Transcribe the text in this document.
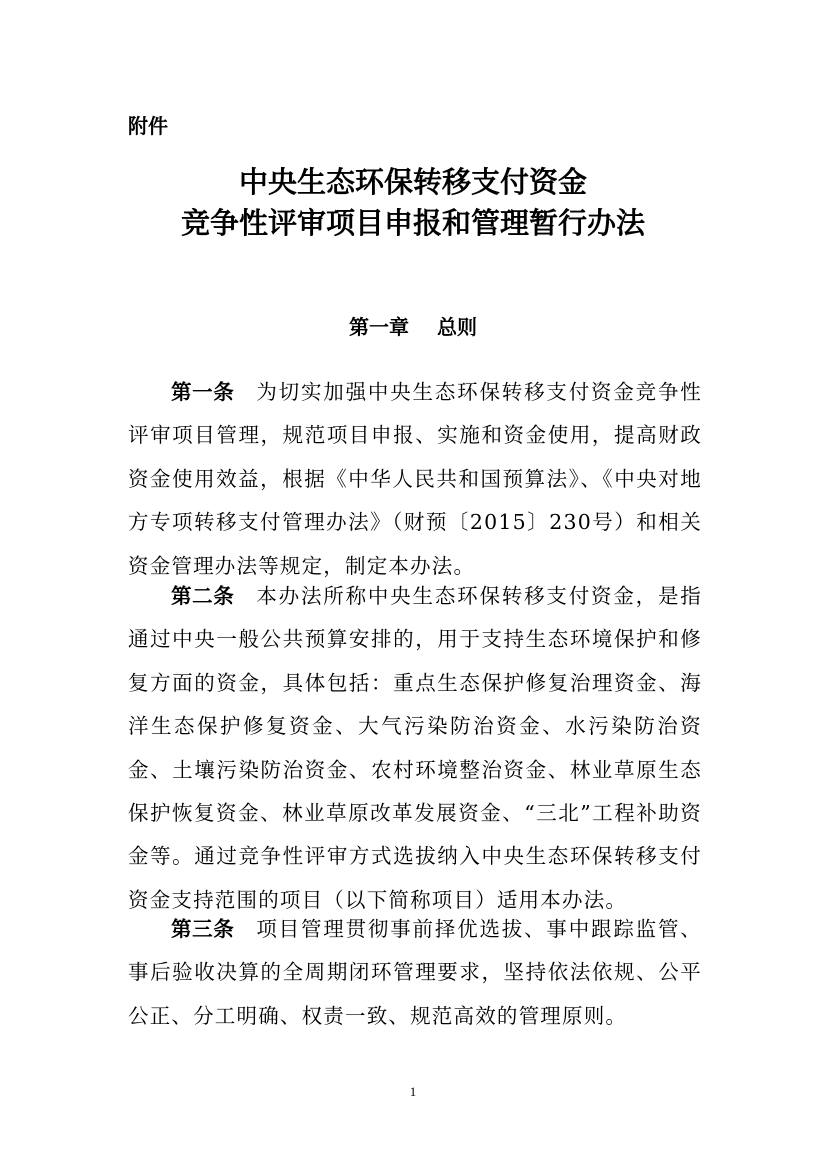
附件
中央生态环保转移支付资金
竞争性评审项目申报和管理暂行办法
第一章 总则
第一条 为切实加强中央生态环保转移支付资金竞争性评审项目管理，规范项目申报、实施和资金使用，提高财政资金使用效益，根据《中华人民共和国预算法》、《中央对地方专项转移支付管理办法》（财预〔2015〕230号）和相关资金管理办法等规定，制定本办法。
第二条 本办法所称中央生态环保转移支付资金，是指通过中央一般公共预算安排的，用于支持生态环境保护和修复方面的资金，具体包括：重点生态保护修复治理资金、海洋生态保护修复资金、大气污染防治资金、水污染防治资金、土壤污染防治资金、农村环境整治资金、林业草原生态保护恢复资金、林业草原改革发展资金、“三北”工程补助资金等。通过竞争性评审方式选拔纳入中央生态环保转移支付资金支持范围的项目（以下简称项目）适用本办法。
第三条 项目管理贯彻事前择优选拔、事中跟踪监管、事后验收决算的全周期闭环管理要求，坚持依法依规、公平公正、分工明确、权责一致、规范高效的管理原则。
1
